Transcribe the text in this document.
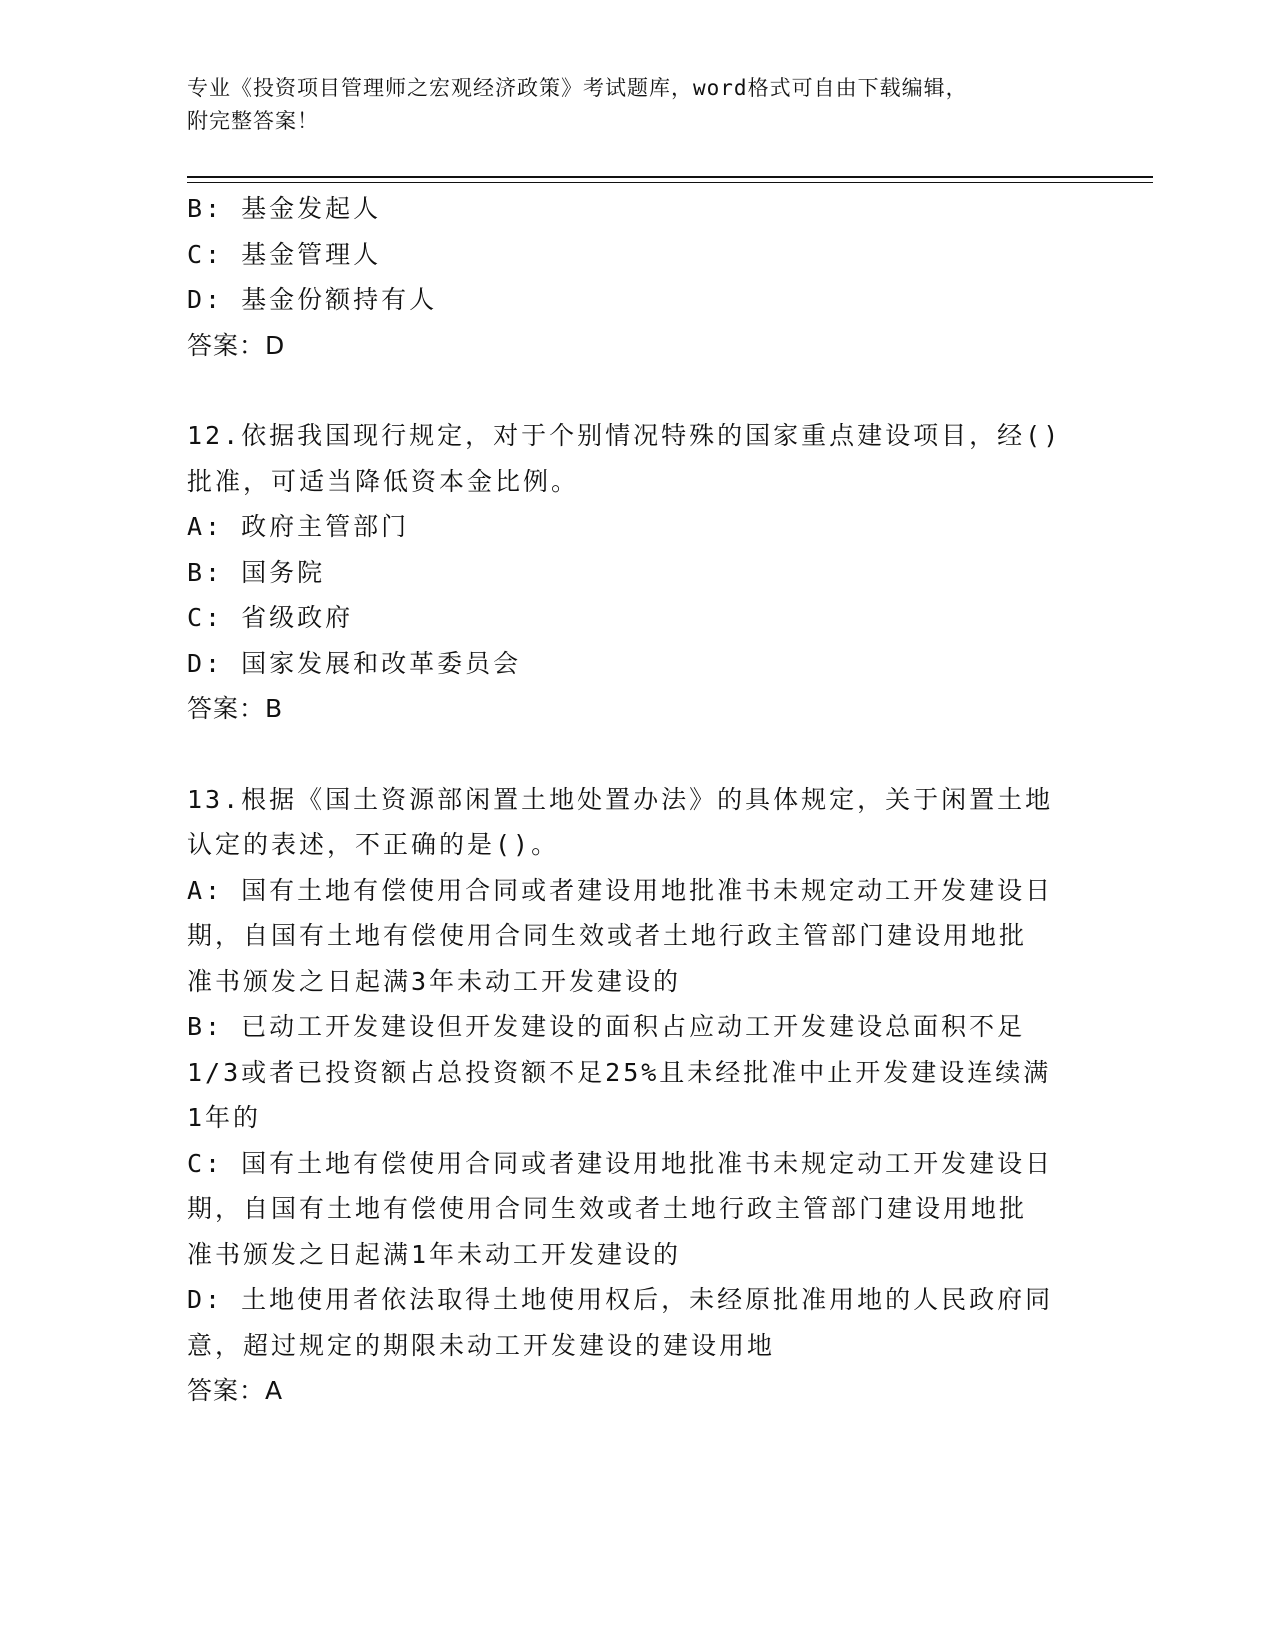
专业《投资项目管理师之宏观经济政策》考试题库，word格式可自由下载编辑，
附完整答案！
B: 基金发起人
C: 基金管理人
D: 基金份额持有人
答案：D
12.依据我国现行规定，对于个别情况特殊的国家重点建设项目，经()
批准，可适当降低资本金比例。
A: 政府主管部门
B: 国务院
C: 省级政府
D: 国家发展和改革委员会
答案：B
13.根据《国土资源部闲置土地处置办法》的具体规定，关于闲置土地
认定的表述，不正确的是()。
A: 国有土地有偿使用合同或者建设用地批准书未规定动工开发建设日
期，自国有土地有偿使用合同生效或者土地行政主管部门建设用地批
准书颁发之日起满3年未动工开发建设的
B: 已动工开发建设但开发建设的面积占应动工开发建设总面积不足
1/3或者已投资额占总投资额不足25%且未经批准中止开发建设连续满
1年的
C: 国有土地有偿使用合同或者建设用地批准书未规定动工开发建设日
期，自国有土地有偿使用合同生效或者土地行政主管部门建设用地批
准书颁发之日起满1年未动工开发建设的
D: 土地使用者依法取得土地使用权后，未经原批准用地的人民政府同
意，超过规定的期限未动工开发建设的建设用地
答案：A
